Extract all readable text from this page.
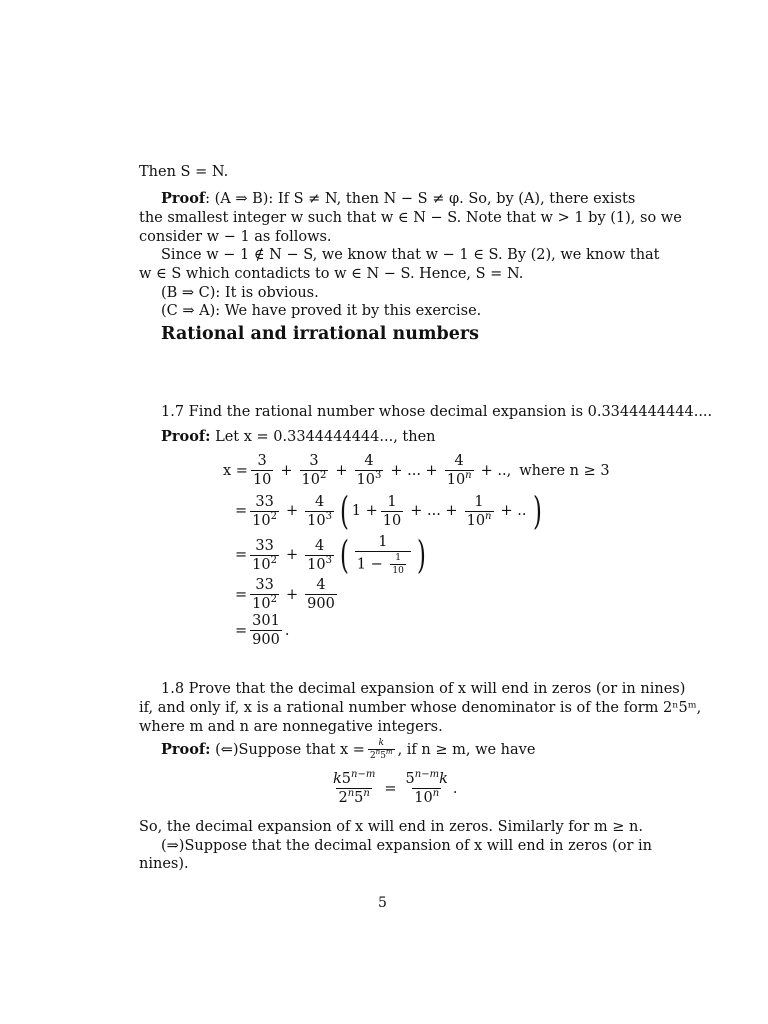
Then S = N.
Proof: (A ⇒ B): If S ≠ N, then N − S ≠ φ. So, by (A), there exists
the smallest integer w such that w ∈ N − S. Note that w > 1 by (1), so we
consider w − 1 as follows.
Since w − 1 ∉ N − S, we know that w − 1 ∈ S. By (2), we know that
w ∈ S which contadicts to w ∈ N − S. Hence, S = N.
(B ⇒ C): It is obvious.
(C ⇒ A): We have proved it by this exercise.
Rational and irrational numbers
1.7 Find the rational number whose decimal expansion is 0.3344444444....
Proof: Let x = 0.3344444444..., then
$x = \frac{3}{10} + \frac{3}{10^2} + \frac{4}{10^3}$ + ... + $\frac{4}{10^n}$ + .., where n ≥ 3
= $\frac{33}{10^2} + \frac{4}{10^3}$ ( $1 + \frac{1}{10}$ + ... + $\frac{1}{10^n}$ + .. )
= $\frac{33}{10^2} + \frac{4}{10^3}$ ( $\frac{1}{1 - \frac{1}{10}}$ )
= $\frac{33}{10^2} + \frac{4}{900}$
= $\frac{301}{900}$ .
1.8 Prove that the decimal expansion of x will end in zeros (or in nines)
if, and only if, x is a rational number whose denominator is of the form 2ⁿ5ᵐ,
where m and n are nonnegative integers.
Proof: (⇐)Suppose that $x = \frac{k}{2^n5^m}$ , if n ≥ m, we have
$\frac{k5^{n-m}}{2^n5^n} = \frac{5^{n-m}k}{10^n}$ .
So, the decimal expansion of x will end in zeros. Similarly for m ≥ n.
(⇒)Suppose that the decimal expansion of x will end in zeros (or in
nines).
5
